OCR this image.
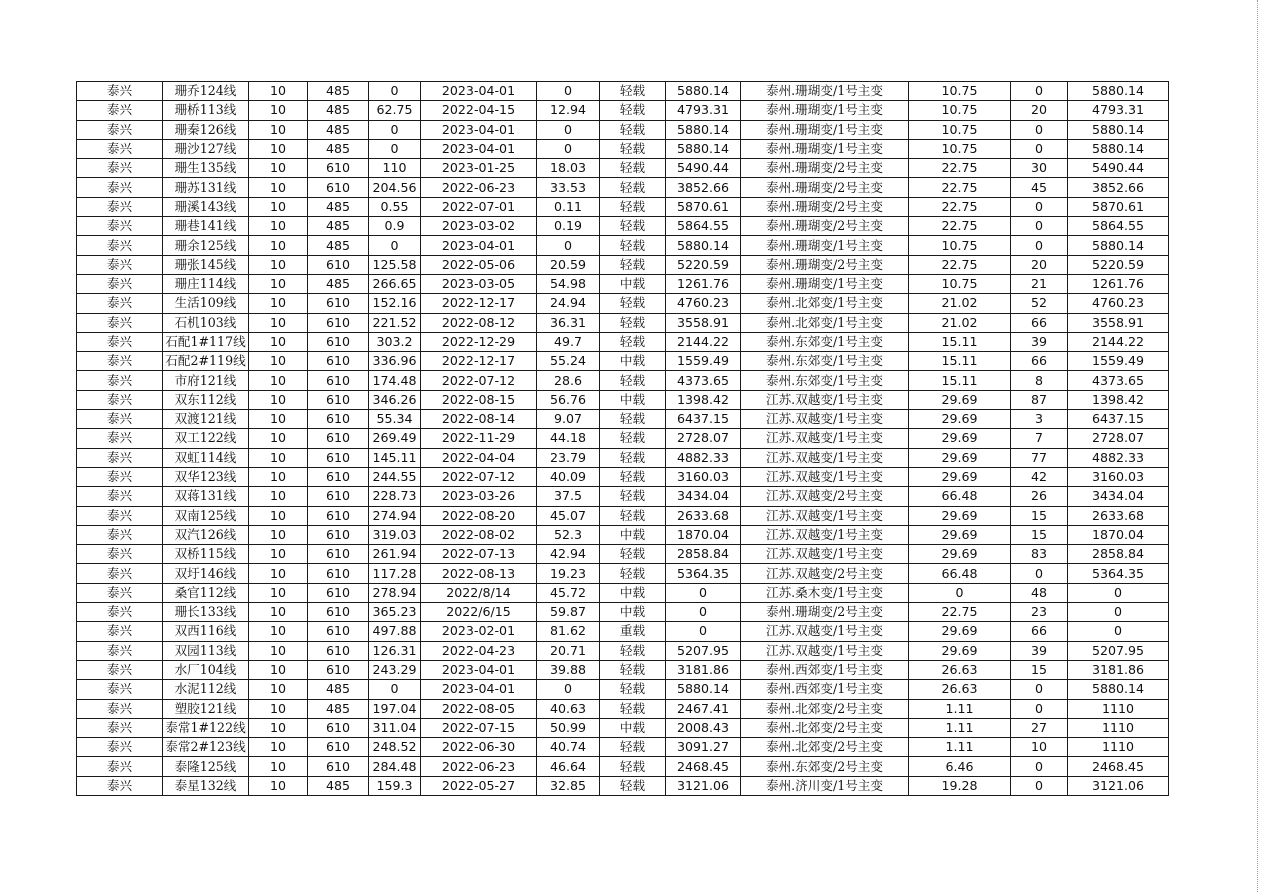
泰兴	珊乔124线	10	485	0	2023-04-01	0	轻载	5880.14	泰州.珊瑚变/1号主变	10.75	0	5880.14
泰兴	珊桥113线	10	485	62.75	2022-04-15	12.94	轻载	4793.31	泰州.珊瑚变/1号主变	10.75	20	4793.31
泰兴	珊秦126线	10	485	0	2023-04-01	0	轻载	5880.14	泰州.珊瑚变/1号主变	10.75	0	5880.14
泰兴	珊沙127线	10	485	0	2023-04-01	0	轻载	5880.14	泰州.珊瑚变/1号主变	10.75	0	5880.14
泰兴	珊生135线	10	610	110	2023-01-25	18.03	轻载	5490.44	泰州.珊瑚变/2号主变	22.75	30	5490.44
泰兴	珊苏131线	10	610	204.56	2022-06-23	33.53	轻载	3852.66	泰州.珊瑚变/2号主变	22.75	45	3852.66
泰兴	珊溪143线	10	485	0.55	2022-07-01	0.11	轻载	5870.61	泰州.珊瑚变/2号主变	22.75	0	5870.61
泰兴	珊巷141线	10	485	0.9	2023-03-02	0.19	轻载	5864.55	泰州.珊瑚变/2号主变	22.75	0	5864.55
泰兴	珊余125线	10	485	0	2023-04-01	0	轻载	5880.14	泰州.珊瑚变/1号主变	10.75	0	5880.14
泰兴	珊张145线	10	610	125.58	2022-05-06	20.59	轻载	5220.59	泰州.珊瑚变/2号主变	22.75	20	5220.59
泰兴	珊庄114线	10	485	266.65	2023-03-05	54.98	中载	1261.76	泰州.珊瑚变/1号主变	10.75	21	1261.76
泰兴	生活109线	10	610	152.16	2022-12-17	24.94	轻载	4760.23	泰州.北郊变/1号主变	21.02	52	4760.23
泰兴	石机103线	10	610	221.52	2022-08-12	36.31	轻载	3558.91	泰州.北郊变/1号主变	21.02	66	3558.91
泰兴	石配1#117线	10	610	303.2	2022-12-29	49.7	轻载	2144.22	泰州.东郊变/1号主变	15.11	39	2144.22
泰兴	石配2#119线	10	610	336.96	2022-12-17	55.24	中载	1559.49	泰州.东郊变/1号主变	15.11	66	1559.49
泰兴	市府121线	10	610	174.48	2022-07-12	28.6	轻载	4373.65	泰州.东郊变/1号主变	15.11	8	4373.65
泰兴	双东112线	10	610	346.26	2022-08-15	56.76	中载	1398.42	江苏.双越变/1号主变	29.69	87	1398.42
泰兴	双渡121线	10	610	55.34	2022-08-14	9.07	轻载	6437.15	江苏.双越变/1号主变	29.69	3	6437.15
泰兴	双工122线	10	610	269.49	2022-11-29	44.18	轻载	2728.07	江苏.双越变/1号主变	29.69	7	2728.07
泰兴	双虹114线	10	610	145.11	2022-04-04	23.79	轻载	4882.33	江苏.双越变/1号主变	29.69	77	4882.33
泰兴	双华123线	10	610	244.55	2022-07-12	40.09	轻载	3160.03	江苏.双越变/1号主变	29.69	42	3160.03
泰兴	双蒋131线	10	610	228.73	2023-03-26	37.5	轻载	3434.04	江苏.双越变/2号主变	66.48	26	3434.04
泰兴	双南125线	10	610	274.94	2022-08-20	45.07	轻载	2633.68	江苏.双越变/1号主变	29.69	15	2633.68
泰兴	双汽126线	10	610	319.03	2022-08-02	52.3	中载	1870.04	江苏.双越变/1号主变	29.69	15	1870.04
泰兴	双桥115线	10	610	261.94	2022-07-13	42.94	轻载	2858.84	江苏.双越变/1号主变	29.69	83	2858.84
泰兴	双圩146线	10	610	117.28	2022-08-13	19.23	轻载	5364.35	江苏.双越变/2号主变	66.48	0	5364.35
泰兴	桑官112线	10	610	278.94	2022/8/14	45.72	中载	0	江苏.桑木变/1号主变	0	48	0
泰兴	珊长133线	10	610	365.23	2022/6/15	59.87	中载	0	泰州.珊瑚变/2号主变	22.75	23	0
泰兴	双西116线	10	610	497.88	2023-02-01	81.62	重载	0	江苏.双越变/1号主变	29.69	66	0
泰兴	双园113线	10	610	126.31	2022-04-23	20.71	轻载	5207.95	江苏.双越变/1号主变	29.69	39	5207.95
泰兴	水厂104线	10	610	243.29	2023-04-01	39.88	轻载	3181.86	泰州.西郊变/1号主变	26.63	15	3181.86
泰兴	水泥112线	10	485	0	2023-04-01	0	轻载	5880.14	泰州.西郊变/1号主变	26.63	0	5880.14
泰兴	塑胶121线	10	485	197.04	2022-08-05	40.63	轻载	2467.41	泰州.北郊变/2号主变	1.11	0	1110
泰兴	泰常1#122线	10	610	311.04	2022-07-15	50.99	中载	2008.43	泰州.北郊变/2号主变	1.11	27	1110
泰兴	泰常2#123线	10	610	248.52	2022-06-30	40.74	轻载	3091.27	泰州.北郊变/2号主变	1.11	10	1110
泰兴	泰隆125线	10	610	284.48	2022-06-23	46.64	轻载	2468.45	泰州.东郊变/2号主变	6.46	0	2468.45
泰兴	泰星132线	10	485	159.3	2022-05-27	32.85	轻载	3121.06	泰州.济川变/1号主变	19.28	0	3121.06
